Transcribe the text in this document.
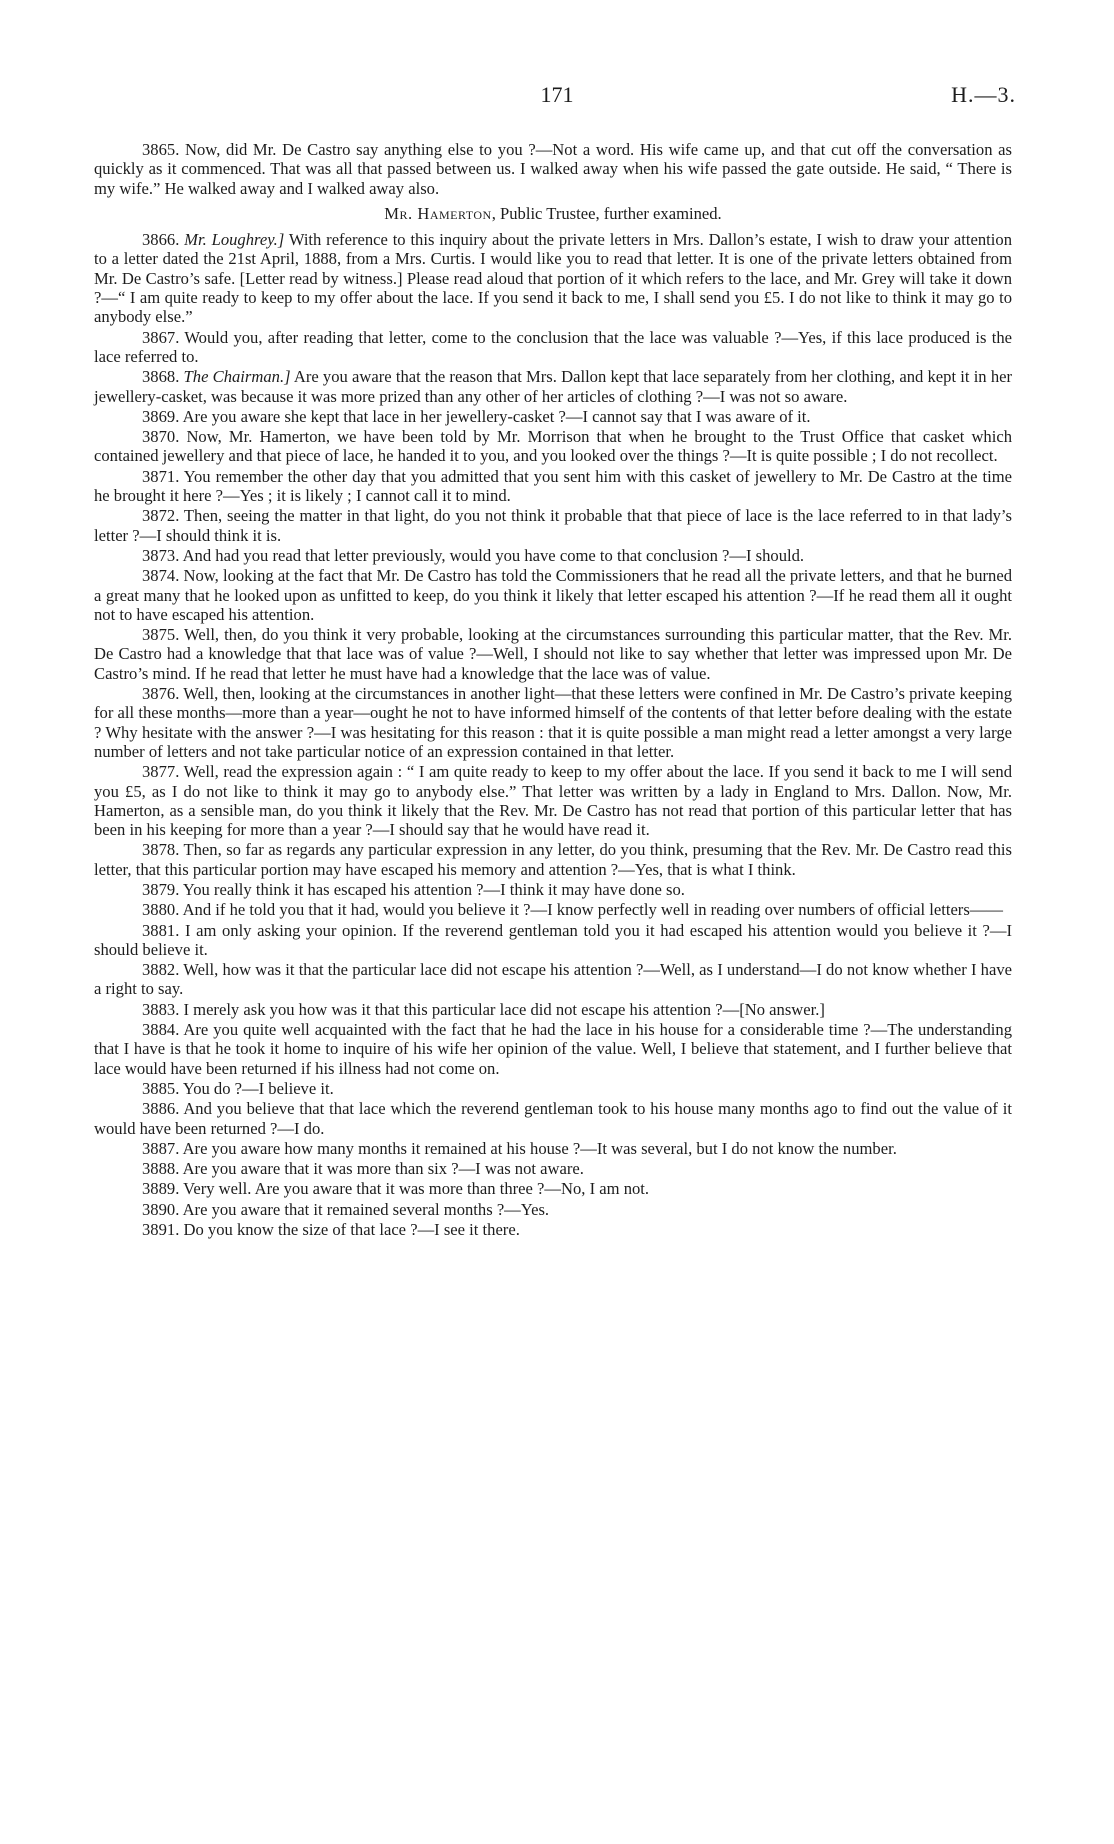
171	H.—3.

3865. Now, did Mr. De Castro say anything else to you ?—Not a word. His wife came up, and that cut off the conversation as quickly as it commenced. That was all that passed between us. I walked away when his wife passed the gate outside. He said, “ There is my wife.” He walked away and I walked away also.

Mr. Hamerton, Public Trustee, further examined.

3866. Mr. Loughrey.] With reference to this inquiry about the private letters in Mrs. Dallon’s estate, I wish to draw your attention to a letter dated the 21st April, 1888, from a Mrs. Curtis. I would like you to read that letter. It is one of the private letters obtained from Mr. De Castro’s safe. [Letter read by witness.] Please read aloud that portion of it which refers to the lace, and Mr. Grey will take it down ?—“ I am quite ready to keep to my offer about the lace. If you send it back to me, I shall send you £5. I do not like to think it may go to anybody else.”

3867. Would you, after reading that letter, come to the conclusion that the lace was valuable ?—Yes, if this lace produced is the lace referred to.

3868. The Chairman.] Are you aware that the reason that Mrs. Dallon kept that lace separately from her clothing, and kept it in her jewellery-casket, was because it was more prized than any other of her articles of clothing ?—I was not so aware.

3869. Are you aware she kept that lace in her jewellery-casket ?—I cannot say that I was aware of it.

3870. Now, Mr. Hamerton, we have been told by Mr. Morrison that when he brought to the Trust Office that casket which contained jewellery and that piece of lace, he handed it to you, and you looked over the things ?—It is quite possible ; I do not recollect.

3871. You remember the other day that you admitted that you sent him with this casket of jewellery to Mr. De Castro at the time he brought it here ?—Yes ; it is likely ; I cannot call it to mind.

3872. Then, seeing the matter in that light, do you not think it probable that that piece of lace is the lace referred to in that lady’s letter ?—I should think it is.

3873. And had you read that letter previously, would you have come to that conclusion ?—I should.

3874. Now, looking at the fact that Mr. De Castro has told the Commissioners that he read all the private letters, and that he burned a great many that he looked upon as unfitted to keep, do you think it likely that letter escaped his attention ?—If he read them all it ought not to have escaped his attention.

3875. Well, then, do you think it very probable, looking at the circumstances surrounding this particular matter, that the Rev. Mr. De Castro had a knowledge that that lace was of value ?—Well, I should not like to say whether that letter was impressed upon Mr. De Castro’s mind. If he read that letter he must have had a knowledge that the lace was of value.

3876. Well, then, looking at the circumstances in another light—that these letters were confined in Mr. De Castro’s private keeping for all these months—more than a year—ought he not to have informed himself of the contents of that letter before dealing with the estate ? Why hesitate with the answer ?—I was hesitating for this reason : that it is quite possible a man might read a letter amongst a very large number of letters and not take particular notice of an expression contained in that letter.

3877. Well, read the expression again : “ I am quite ready to keep to my offer about the lace. If you send it back to me I will send you £5, as I do not like to think it may go to anybody else.” That letter was written by a lady in England to Mrs. Dallon. Now, Mr. Hamerton, as a sensible man, do you think it likely that the Rev. Mr. De Castro has not read that portion of this particular letter that has been in his keeping for more than a year ?—I should say that he would have read it.

3878. Then, so far as regards any particular expression in any letter, do you think, presuming that the Rev. Mr. De Castro read this letter, that this particular portion may have escaped his memory and attention ?—Yes, that is what I think.

3879. You really think it has escaped his attention ?—I think it may have done so.

3880. And if he told you that it had, would you believe it ?—I know perfectly well in reading over numbers of official letters——

3881. I am only asking your opinion. If the reverend gentleman told you it had escaped his attention would you believe it ?—I should believe it.

3882. Well, how was it that the particular lace did not escape his attention ?—Well, as I understand—I do not know whether I have a right to say.

3883. I merely ask you how was it that this particular lace did not escape his attention ?—[No answer.]

3884. Are you quite well acquainted with the fact that he had the lace in his house for a considerable time ?—The understanding that I have is that he took it home to inquire of his wife her opinion of the value. Well, I believe that statement, and I further believe that lace would have been returned if his illness had not come on.

3885. You do ?—I believe it.

3886. And you believe that that lace which the reverend gentleman took to his house many months ago to find out the value of it would have been returned ?—I do.

3887. Are you aware how many months it remained at his house ?—It was several, but I do not know the number.

3888. Are you aware that it was more than six ?—I was not aware.

3889. Very well. Are you aware that it was more than three ?—No, I am not.

3890. Are you aware that it remained several months ?—Yes.

3891. Do you know the size of that lace ?—I see it there.
